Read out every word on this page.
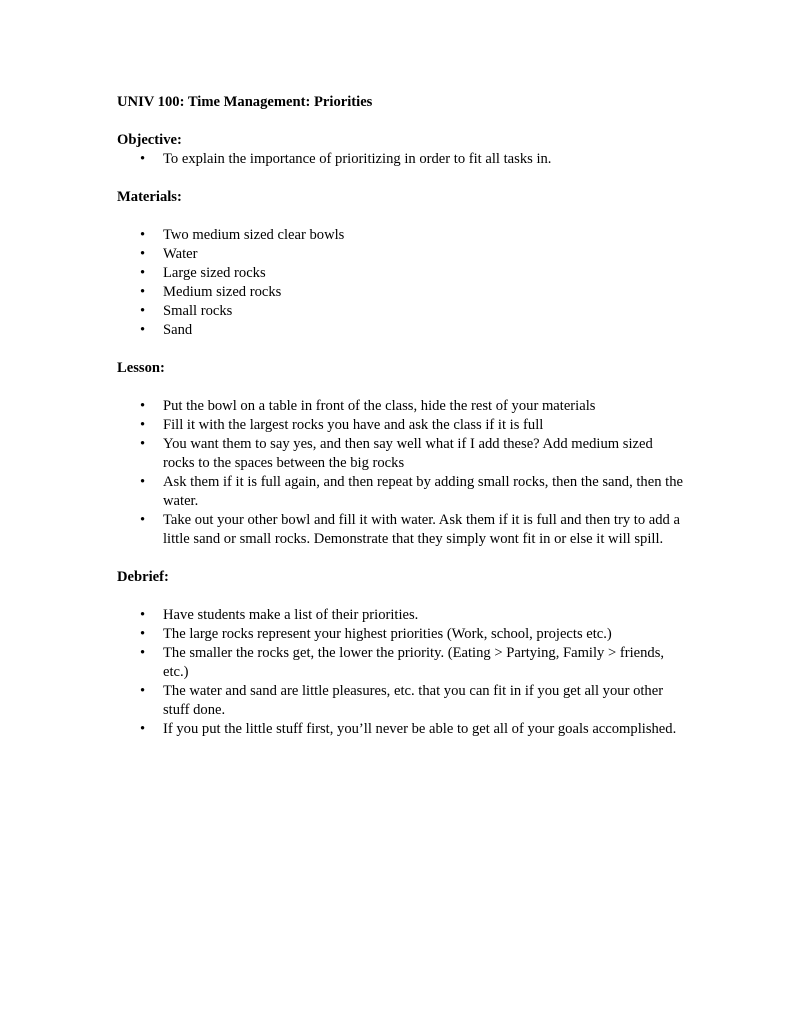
UNIV 100: Time Management: Priorities

Objective:

• To explain the importance of prioritizing in order to fit all tasks in.

Materials:

• Two medium sized clear bowls
• Water
• Large sized rocks
• Medium sized rocks
• Small rocks
• Sand

Lesson:

• Put the bowl on a table in front of the class, hide the rest of your materials
• Fill it with the largest rocks you have and ask the class if it is full
• You want them to say yes, and then say well what if I add these? Add medium sized rocks to the spaces between the big rocks
• Ask them if it is full again, and then repeat by adding small rocks, then the sand, then the water.
• Take out your other bowl and fill it with water. Ask them if it is full and then try to add a little sand or small rocks. Demonstrate that they simply wont fit in or else it will spill.

Debrief:

• Have students make a list of their priorities.
• The large rocks represent your highest priorities (Work, school, projects etc.)
• The smaller the rocks get, the lower the priority. (Eating > Partying, Family > friends, etc.)
• The water and sand are little pleasures, etc. that you can fit in if you get all your other stuff done.
• If you put the little stuff first, you’ll never be able to get all of your goals accomplished.
